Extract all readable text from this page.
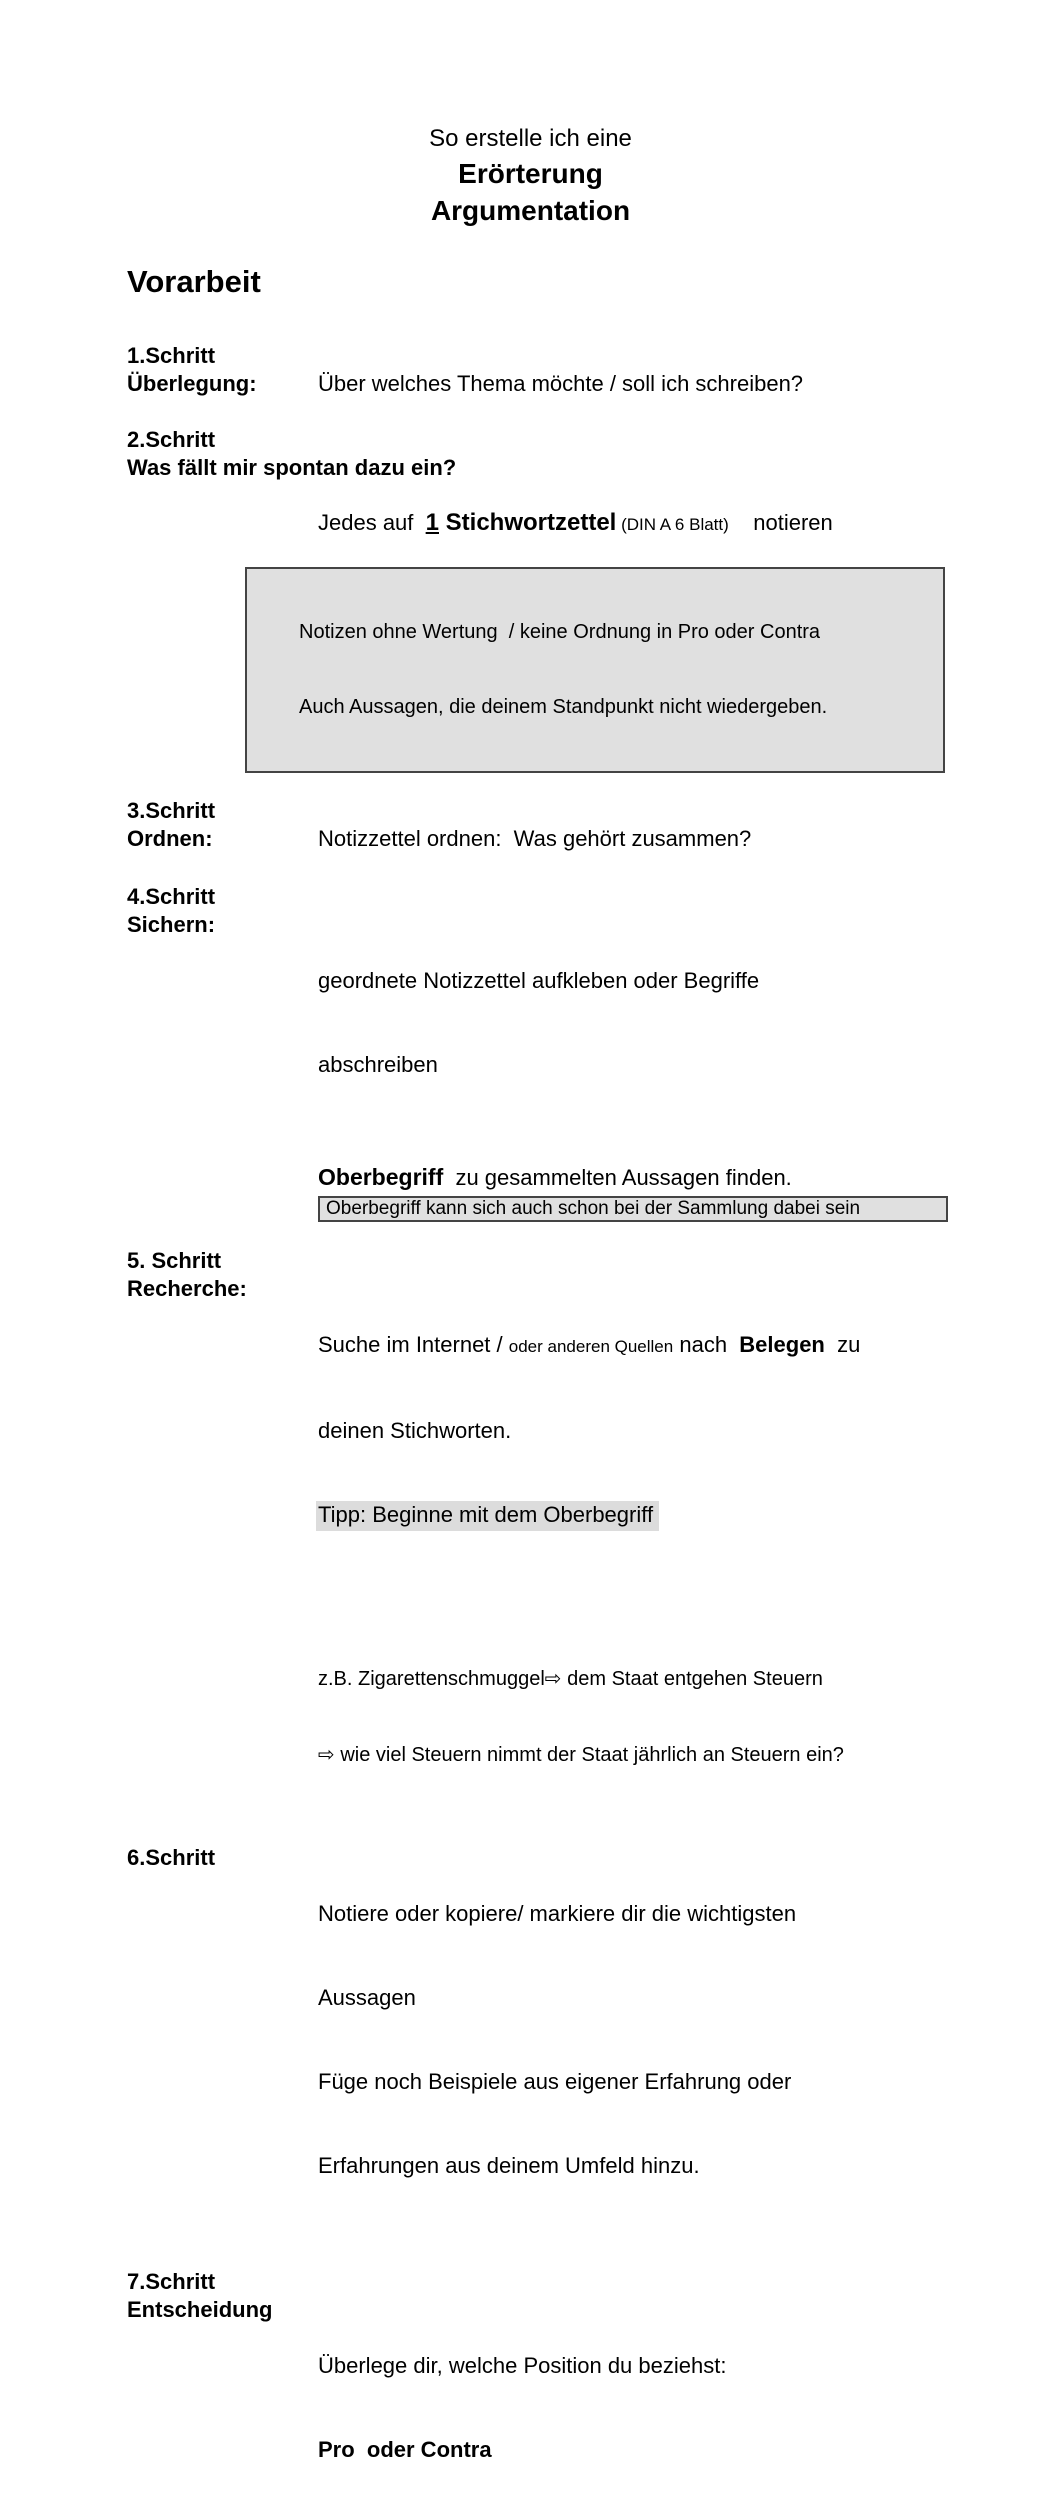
So erstelle ich eine
Erörterung
Argumentation
Vorarbeit
1.Schritt
Überlegung:	Über welches Thema möchte / soll ich schreiben?
2.Schritt
Was fällt mir spontan dazu ein?
Jedes auf  1 Stichwortzettel (DIN A 6 Blatt)    notieren

Notizen ohne Wertung  / keine Ordnung in Pro oder Contra

Auch Aussagen, die deinem Standpunkt nicht wiedergeben.

3.Schritt
Ordnen:	Notizzettel ordnen:  Was gehört zusammen?
4.Schritt
Sichern:

geordnete Notizzettel aufkleben oder Begriffe

abschreiben

Oberbegriff  zu gesammelten Aussagen finden.
Oberbegriff kann sich auch schon bei der Sammlung dabei sein
5. Schritt
Recherche:

Suche im Internet / oder anderen Quellen nach  Belegen  zu

deinen Stichworten.

Tipp: Beginne mit dem Oberbegriff

z.B. Zigarettenschmuggel⇨ dem Staat entgehen Steuern

⇨ wie viel Steuern nimmt der Staat jährlich an Steuern ein?

6.Schritt

Notiere oder kopiere/ markiere dir die wichtigsten

Aussagen

Füge noch Beispiele aus eigener Erfahrung oder

Erfahrungen aus deinem Umfeld hinzu.

7.Schritt
Entscheidung

Überlege dir, welche Position du beziehst:

Pro  oder Contra
